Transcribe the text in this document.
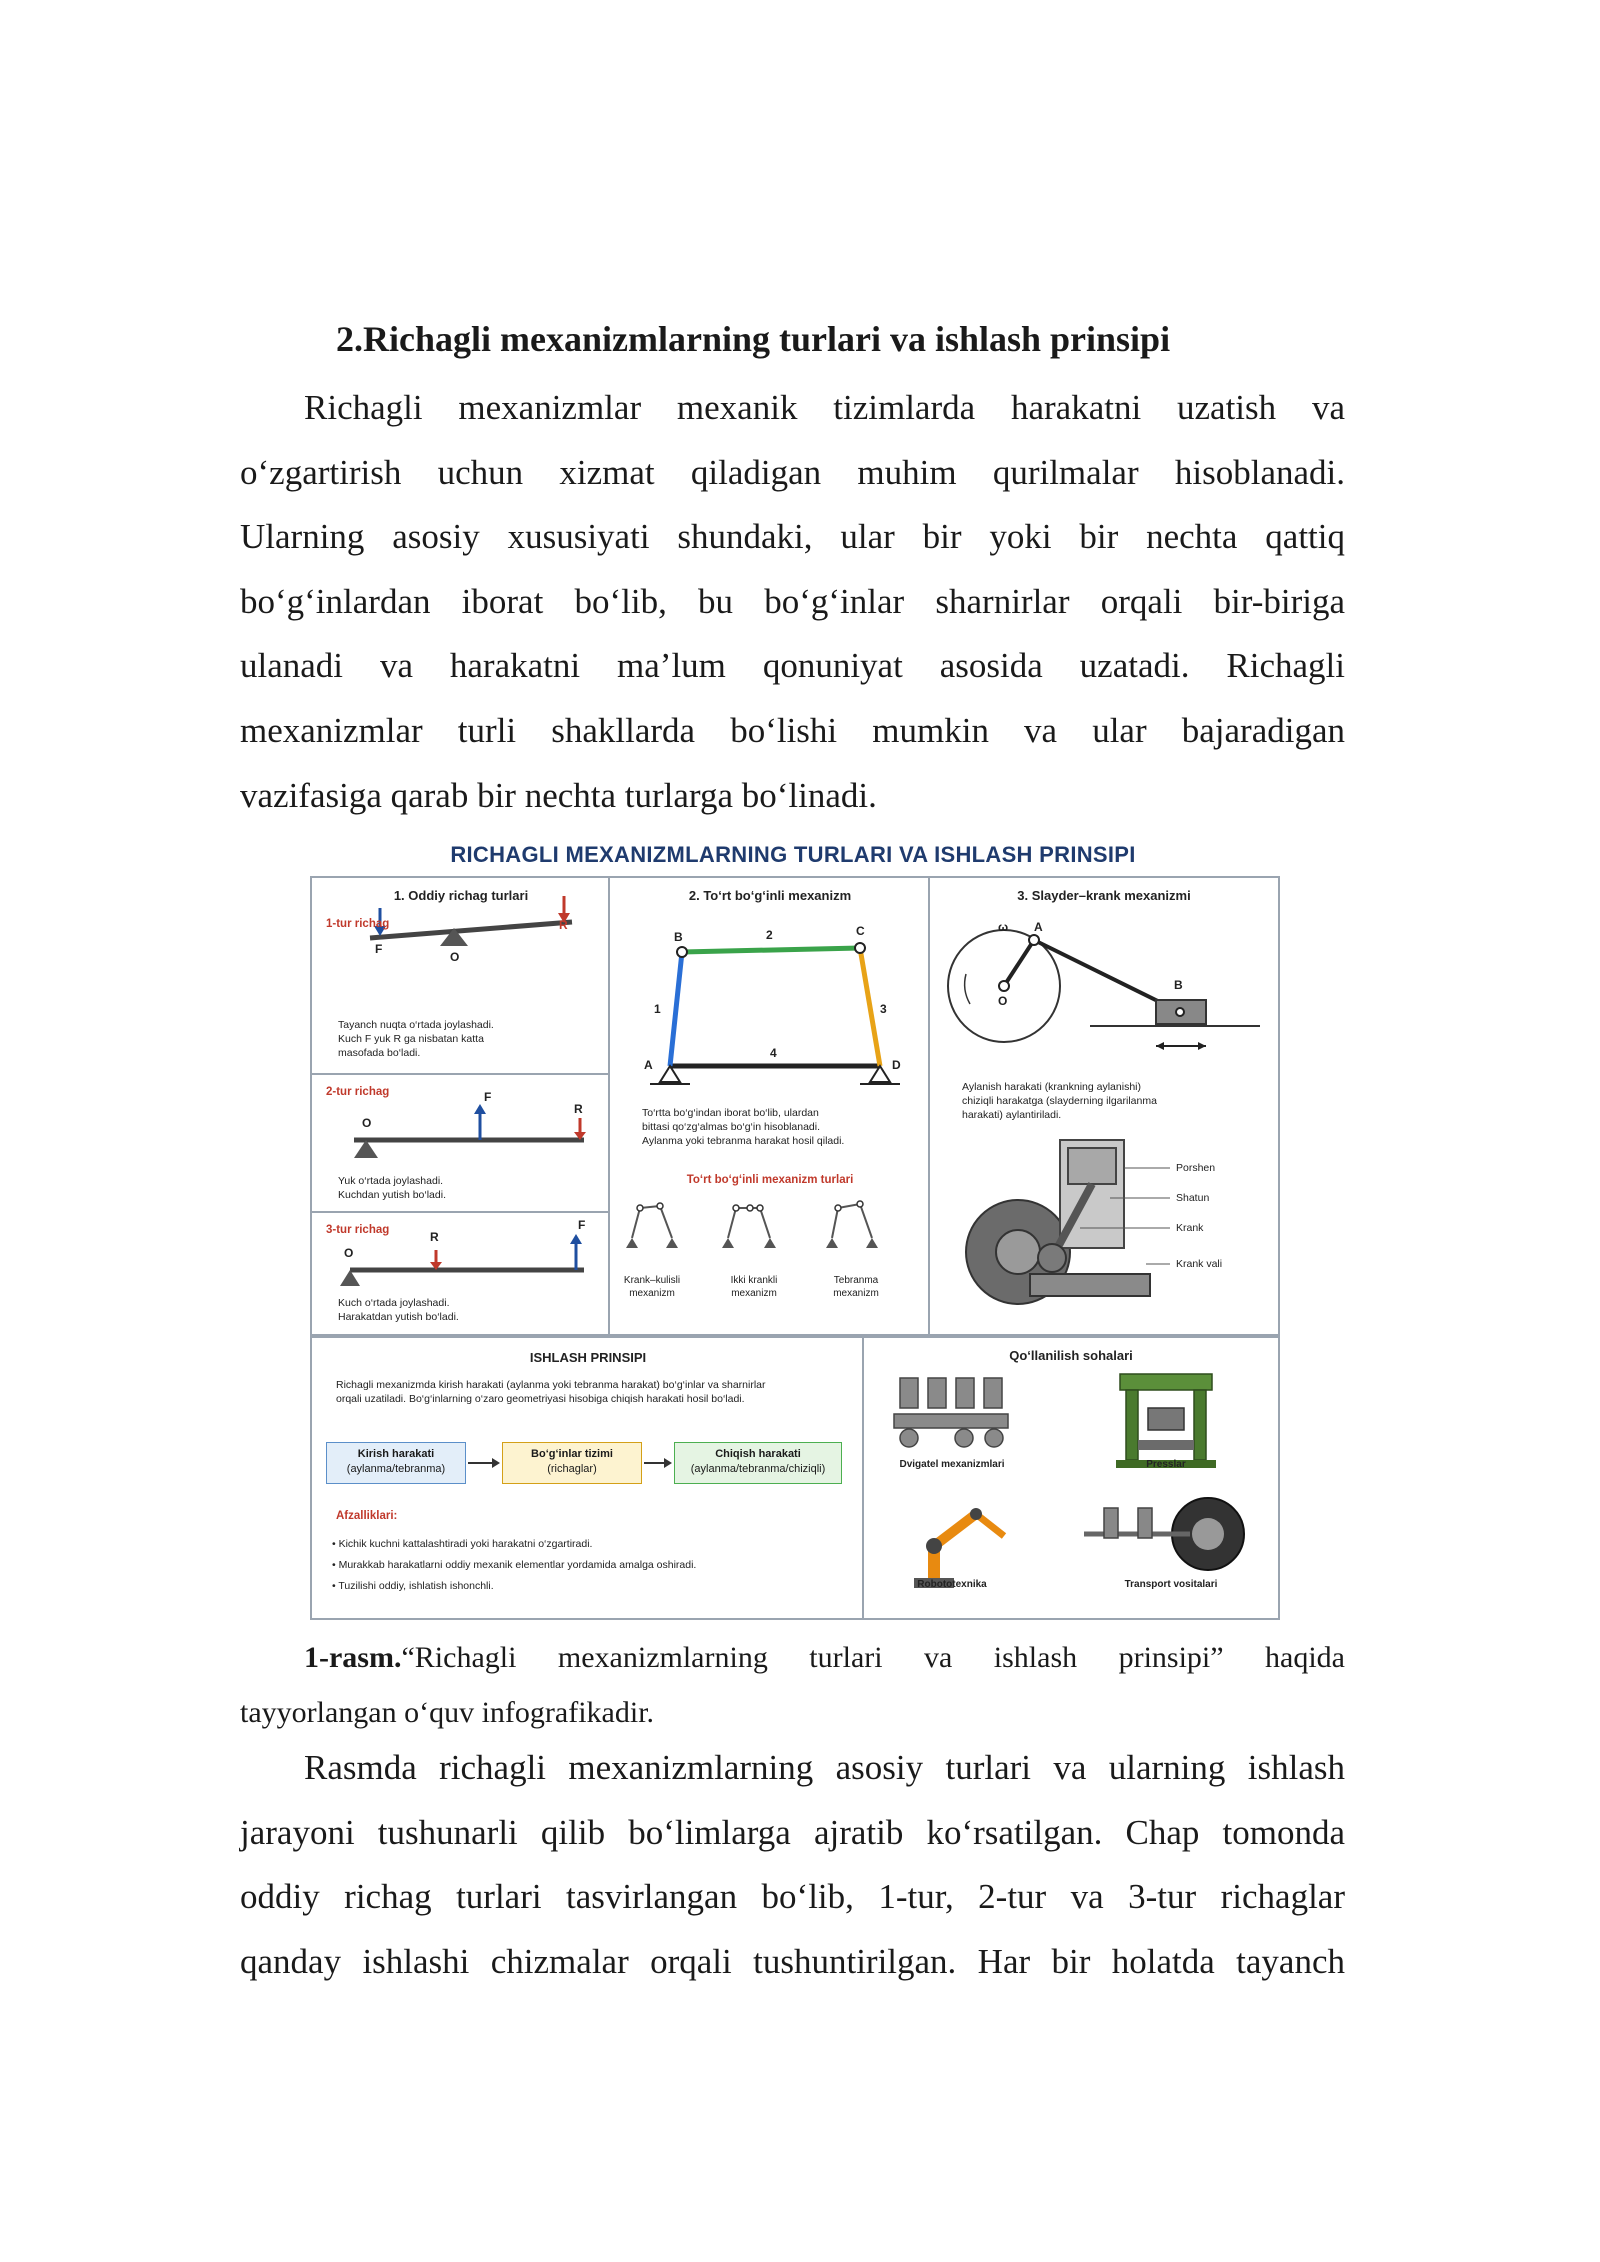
2.Richagli mexanizmlarning turlari va ishlash prinsipi
Richagli mexanizmlar mexanik tizimlarda harakatni uzatish va
o‘zgartirish uchun xizmat qiladigan muhim qurilmalar hisoblanadi.
Ularning asosiy xususiyati shundaki, ular bir yoki bir nechta qattiq
bo‘g‘inlardan iborat bo‘lib, bu bo‘g‘inlar sharnirlar orqali bir-biriga
ulanadi va harakatni ma’lum qonuniyat asosida uzatadi. Richagli
mexanizmlar turli shakllarda bo‘lishi mumkin va ular bajaradigan
vazifasiga qarab bir nechta turlarga bo‘linadi.
RICHAGLI MEXANIZMLARNING TURLARI VA ISHLASH PRINSIPI
1. Oddiy richag turlari
1-tur richag
F
O
R
Tayanch nuqta o‘rtada joylashadi.
Kuch F yuk R ga nisbatan katta
masofada bo‘ladi.
2-tur richag
O
F
R
Yuk o‘rtada joylashadi.
Kuchdan yutish bo‘ladi.
3-tur richag
O
R
F
Kuch o‘rtada joylashadi.
Harakatdan yutish bo‘ladi.
2. To‘rt bo‘g‘inli mexanizm
B	2	C
1	3
4
A	D
To‘rtta bo‘g‘indan iborat bo‘lib, ulardan
bittasi qo‘zg‘almas bo‘g‘in hisoblanadi.
Aylanma yoki tebranma harakat hosil qiladi.
To‘rt bo‘g‘inli mexanizm turlari
Krank–kulisli
mexanizm
Ikki krankli
mexanizm
Tebranma
mexanizm
3. Slayder–krank mexanizmi
ω A
O
B
Aylanish harakati (krankning aylanishi)
chiziqli harakatga (slayderning ilgarilanma
harakati) aylantiriladi.
Porshen
Shatun
Krank
Krank vali
ISHLASH PRINSIPI
Richagli mexanizmda kirish harakati (aylanma yoki tebranma harakat) bo‘g‘inlar va sharnirlar
orqali uzatiladi. Bo‘g‘inlarning o‘zaro geometriyasi hisobiga chiqish harakati hosil bo‘ladi.
Kirish harakati
(aylanma/tebranma)
Bo‘g‘inlar tizimi
(richaglar)
Chiqish harakati
(aylanma/tebranma/chiziqli)
Afzalliklari:
• Kichik kuchni kattalashtiradi yoki harakatni o‘zgartiradi.
• Murakkab harakatlarni oddiy mexanik elementlar yordamida amalga oshiradi.
• Tuzilishi oddiy, ishlatish ishonchli.
Qo‘llanilish sohalari
Dvigatel mexanizmlari	Presslar
Robototexnika	Transport vositalari
1-rasm.“Richagli mexanizmlarning turlari va ishlash prinsipi” haqida
tayyorlangan o‘quv infografikadir.
Rasmda richagli mexanizmlarning asosiy turlari va ularning ishlash
jarayoni tushunarli qilib bo‘limlarga ajratib ko‘rsatilgan. Chap tomonda
oddiy richag turlari tasvirlangan bo‘lib, 1-tur, 2-tur va 3-tur richaglar
qanday ishlashi chizmalar orqali tushuntirilgan. Har bir holatda tayanch
